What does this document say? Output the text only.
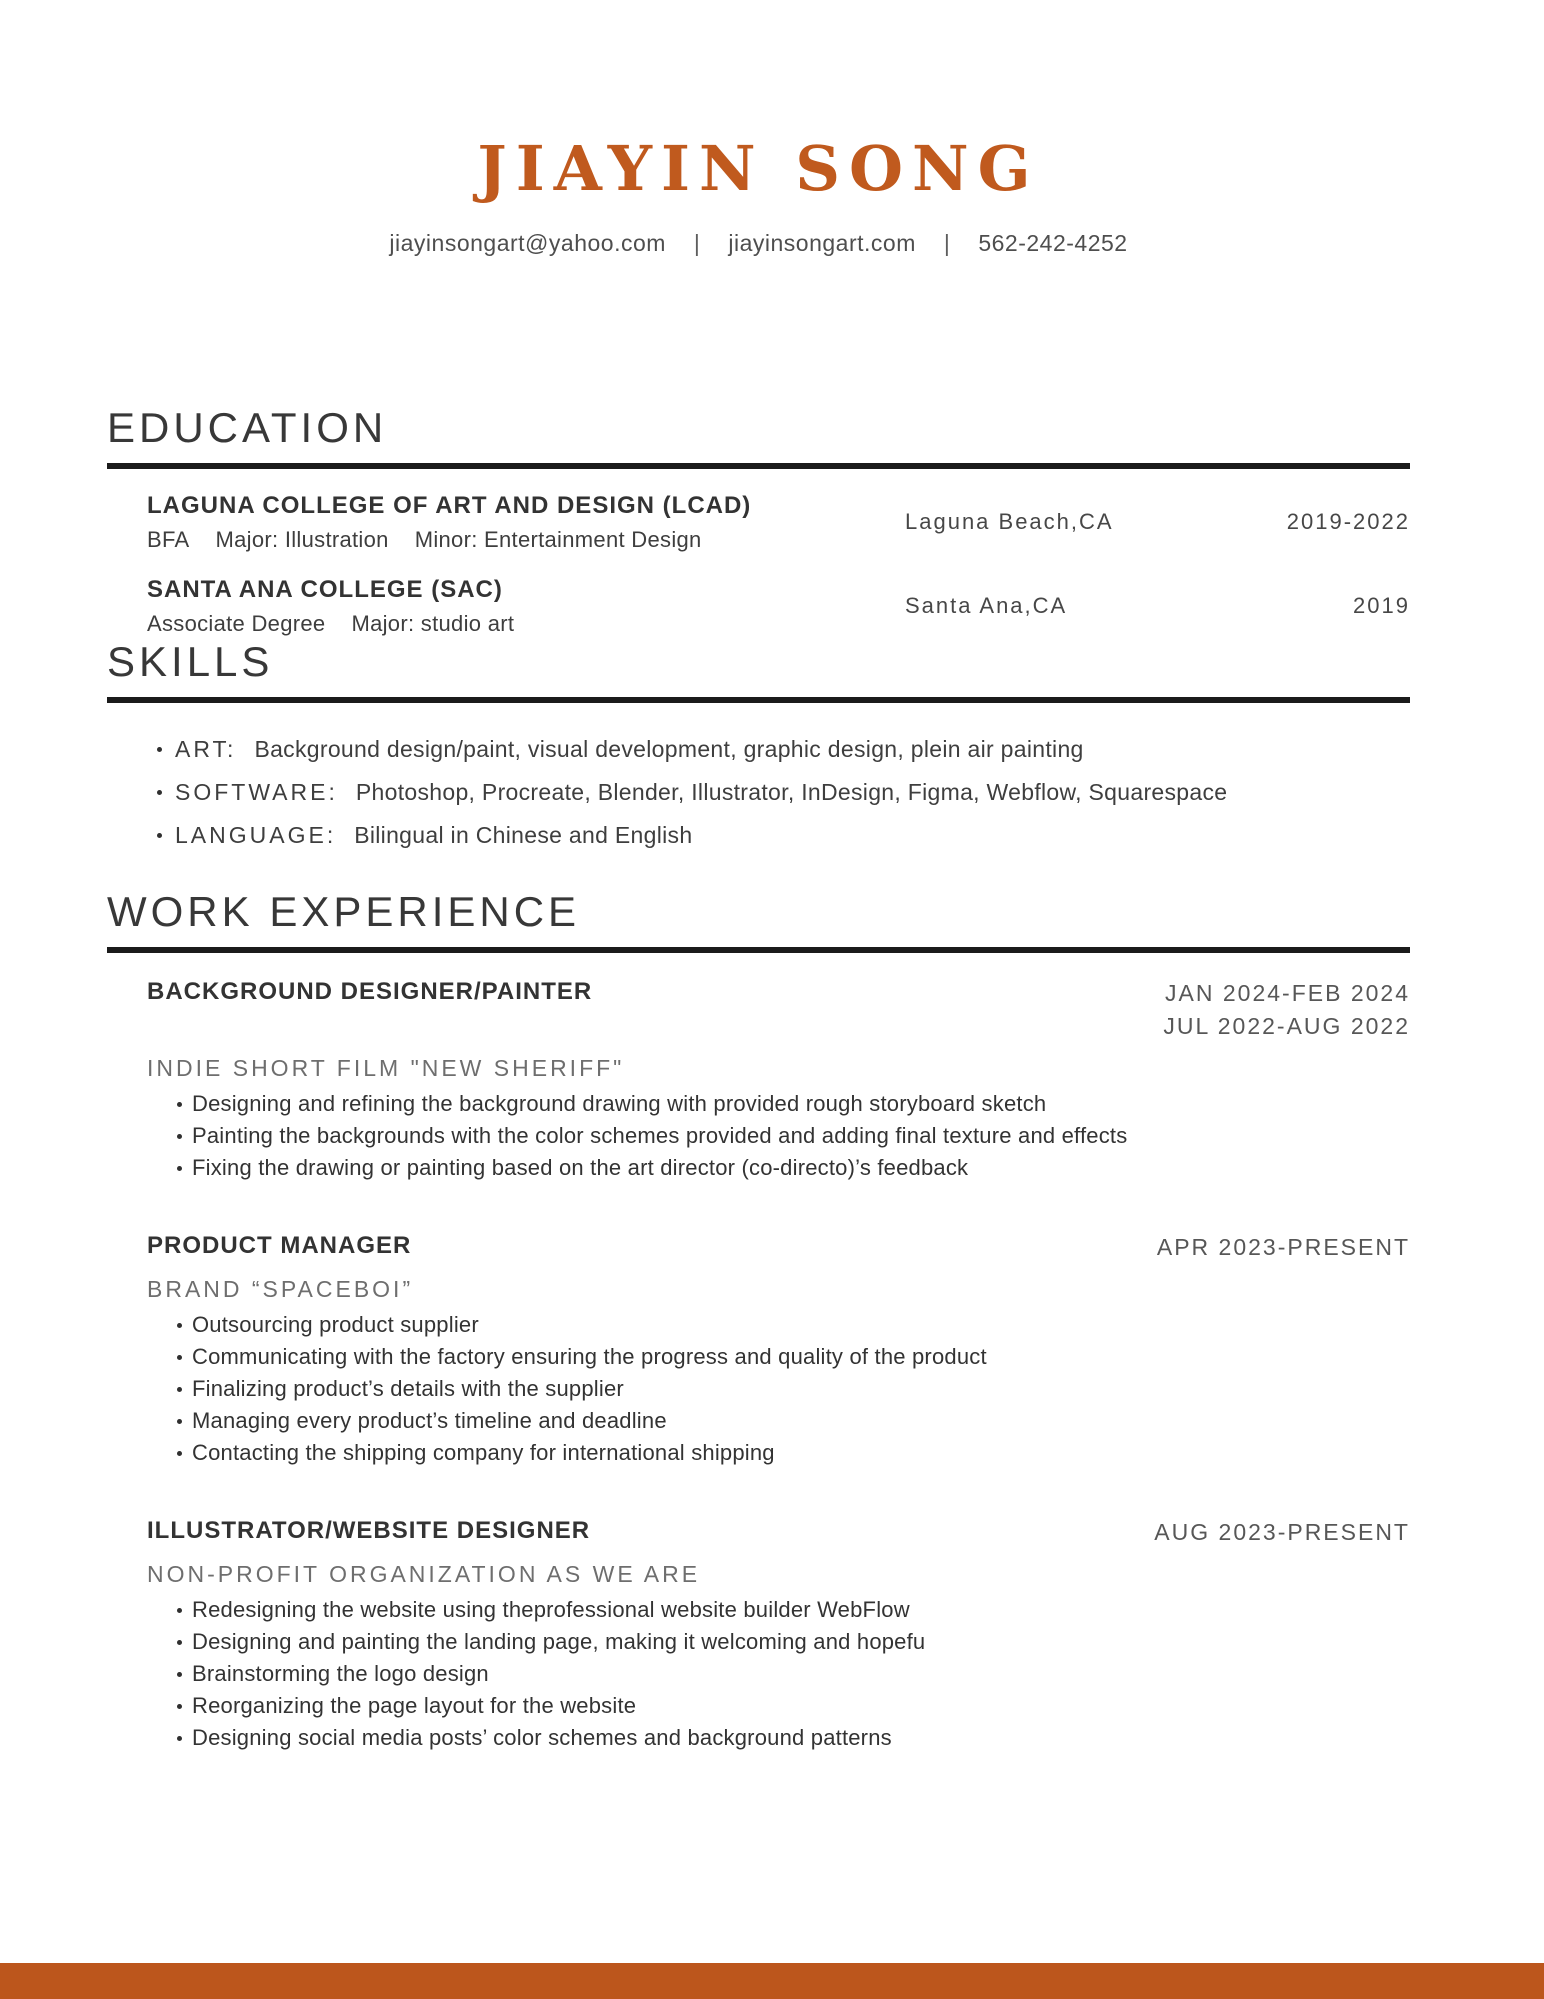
JIAYIN SONG
jiayinsongart@yahoo.com | jiayinsongart.com | 562-242-4252
EDUCATION
LAGUNA COLLEGE OF ART AND DESIGN (LCAD)
BFA Major: Illustration Minor: Entertainment Design
Laguna Beach,CA	2019-2022
SANTA ANA COLLEGE (SAC)
Associate Degree Major: studio art
Santa Ana,CA	2019
SKILLS
ART: Background design/paint, visual development, graphic design, plein air painting
SOFTWARE: Photoshop, Procreate, Blender, Illustrator, InDesign, Figma, Webflow, Squarespace
LANGUAGE: Bilingual in Chinese and English
WORK EXPERIENCE
BACKGROUND DESIGNER/PAINTER	JAN 2024-FEB 2024
JUL 2022-AUG 2022
INDIE SHORT FILM "NEW SHERIFF"
Designing and refining the background drawing with provided rough storyboard sketch
Painting the backgrounds with the color schemes provided and adding final texture and effects
Fixing the drawing or painting based on the art director (co-directo)’s feedback
PRODUCT MANAGER	APR 2023-PRESENT
BRAND “SPACEBOI”
Outsourcing product supplier
Communicating with the factory ensuring the progress and quality of the product
Finalizing product’s details with the supplier
Managing every product’s timeline and deadline
Contacting the shipping company for international shipping
ILLUSTRATOR/WEBSITE DESIGNER	AUG 2023-PRESENT
NON-PROFIT ORGANIZATION AS WE ARE
Redesigning the website using theprofessional website builder WebFlow
Designing and painting the landing page, making it welcoming and hopefu
Brainstorming the logo design
Reorganizing the page layout for the website
Designing social media posts’ color schemes and background patterns
